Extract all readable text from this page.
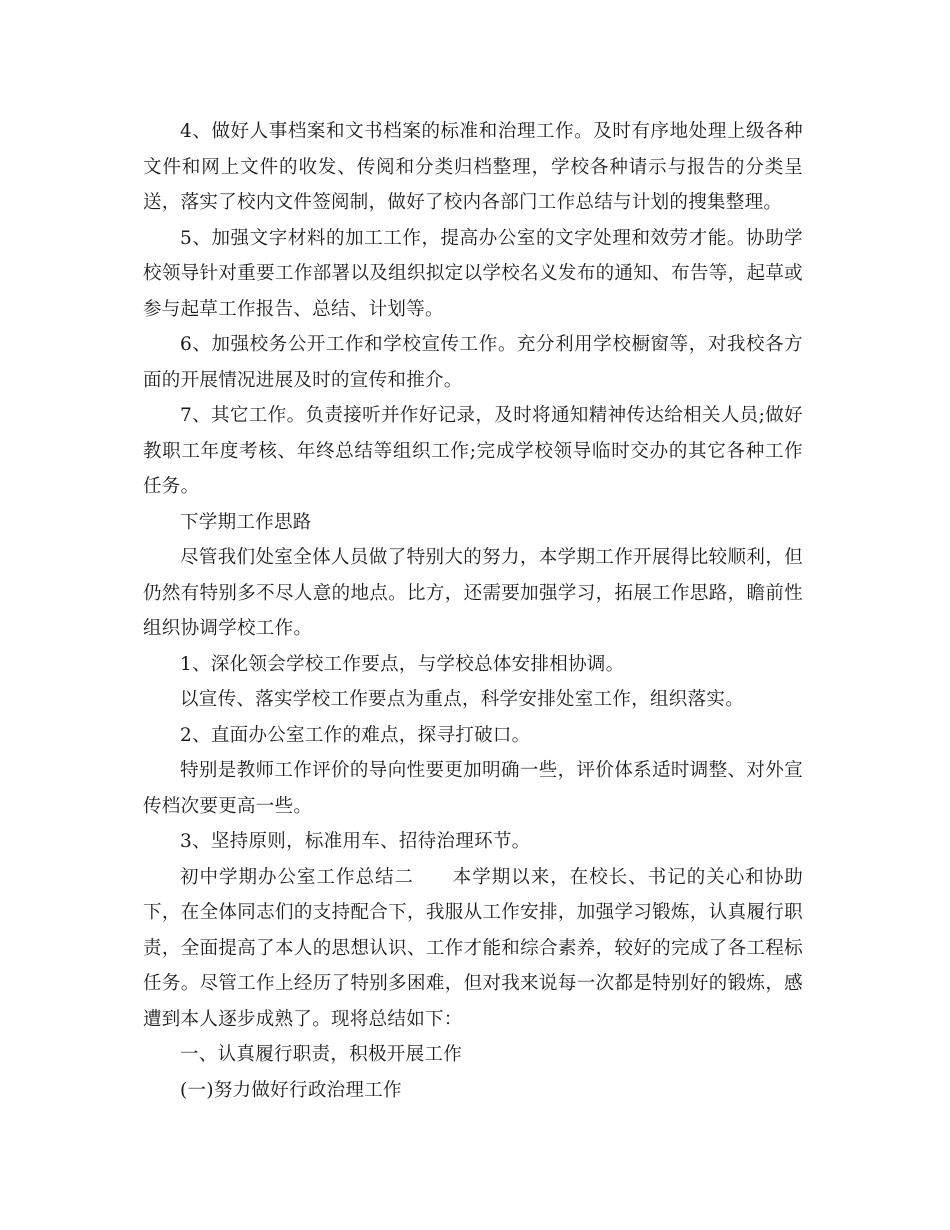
4、做好人事档案和文书档案的标准和治理工作。及时有序地处理上级各种文件和网上文件的收发、传阅和分类归档整理，学校各种请示与报告的分类呈送，落实了校内文件签阅制，做好了校内各部门工作总结与计划的搜集整理。

5、加强文字材料的加工工作，提高办公室的文字处理和效劳才能。协助学校领导针对重要工作部署以及组织拟定以学校名义发布的通知、布告等，起草或参与起草工作报告、总结、计划等。

6、加强校务公开工作和学校宣传工作。充分利用学校橱窗等，对我校各方面的开展情况进展及时的宣传和推介。

7、其它工作。负责接听并作好记录，及时将通知精神传达给相关人员;做好教职工年度考核、年终总结等组织工作;完成学校领导临时交办的其它各种工作任务。

下学期工作思路

尽管我们处室全体人员做了特别大的努力，本学期工作开展得比较顺利，但仍然有特别多不尽人意的地点。比方，还需要加强学习，拓展工作思路，瞻前性组织协调学校工作。

1、深化领会学校工作要点，与学校总体安排相协调。

以宣传、落实学校工作要点为重点，科学安排处室工作，组织落实。

2、直面办公室工作的难点，探寻打破口。

特别是教师工作评价的导向性要更加明确一些，评价体系适时调整、对外宣传档次要更高一些。

3、坚持原则，标准用车、招待治理环节。

初中学期办公室工作总结二 本学期以来，在校长、书记的关心和协助下，在全体同志们的支持配合下，我服从工作安排，加强学习锻炼，认真履行职责，全面提高了本人的思想认识、工作才能和综合素养，较好的完成了各工程标任务。尽管工作上经历了特别多困难，但对我来说每一次都是特别好的锻炼，感遭到本人逐步成熟了。现将总结如下：

一、认真履行职责，积极开展工作

(一)努力做好行政治理工作
